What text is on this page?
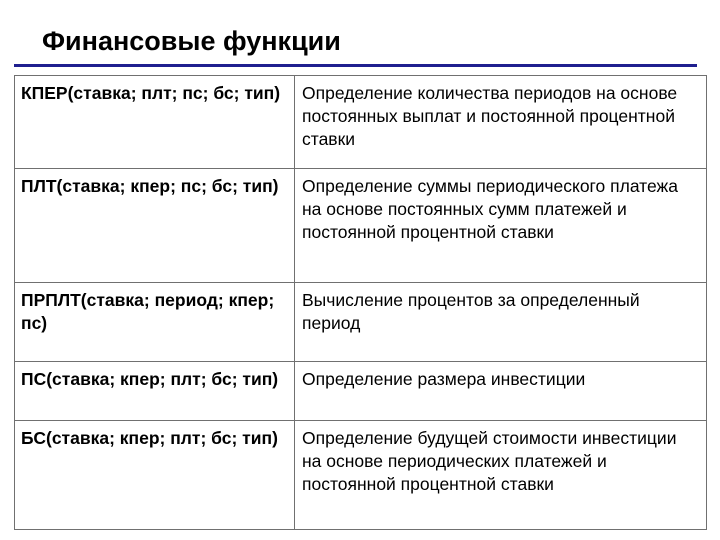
Финансовые функции
КПЕР(ставка; плт; пс; бс; тип)	Определение количества периодов на основе постоянных выплат и постоянной процентной ставки
ПЛТ(ставка; кпер; пс; бс; тип)	Определение суммы периодического платежа на основе постоянных сумм платежей и постоянной процентной ставки
ПРПЛТ(ставка; период; кпер; пс)	Вычисление процентов за определенный период
ПС(ставка; кпер; плт; бс; тип)	Определение размера инвестиции
БС(ставка; кпер; плт; бс; тип)	Определение будущей стоимости инвестиции на основе периодических платежей и постоянной процентной ставки
